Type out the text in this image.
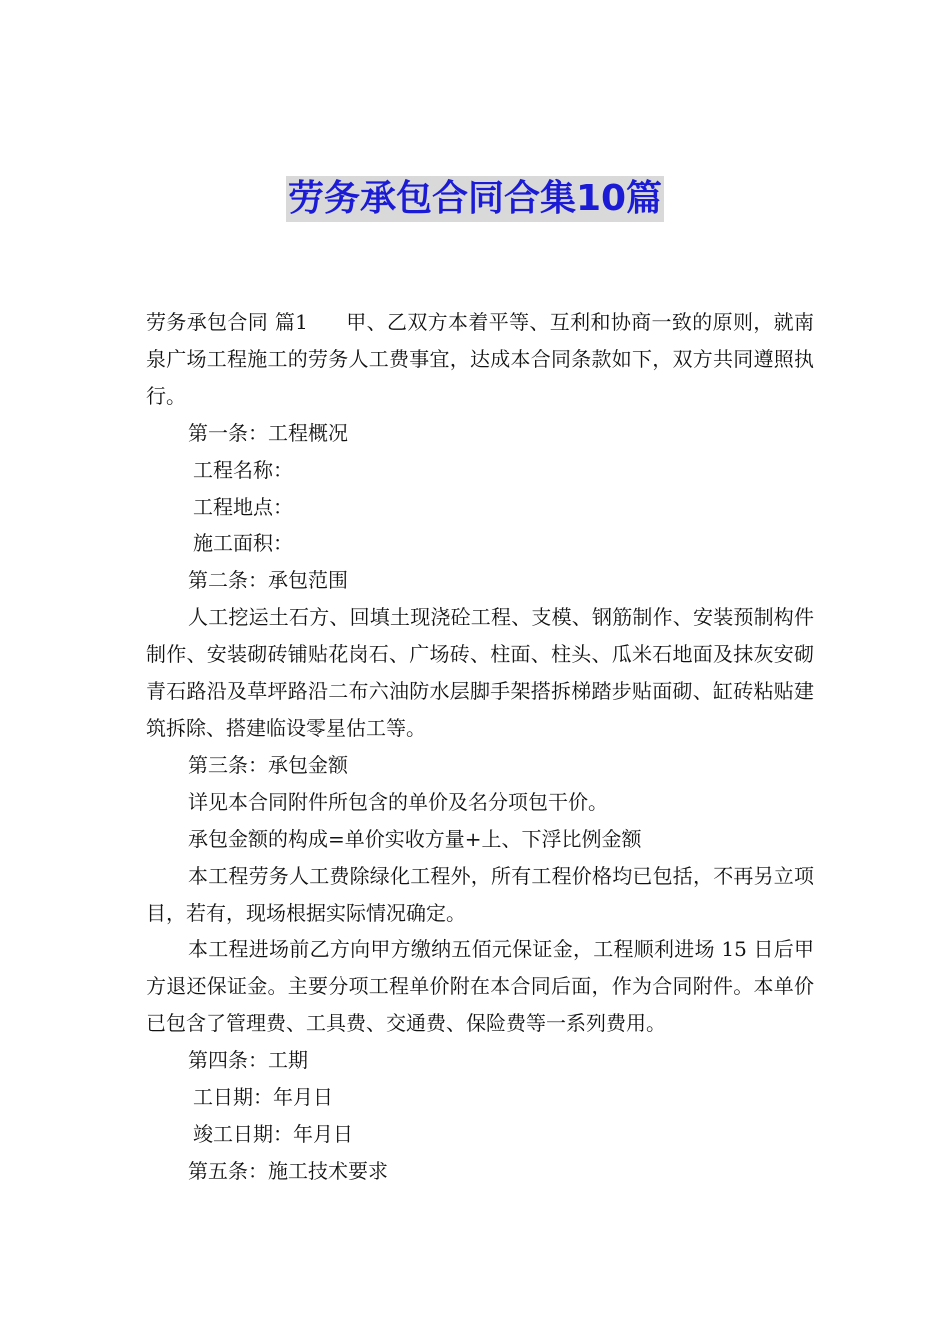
劳务承包合同合集10篇

劳务承包合同 篇1 甲、乙双方本着平等、互利和协商一致的原则，就南泉广场工程施工的劳务人工费事宜，达成本合同条款如下，双方共同遵照执行。

第一条：工程概况

工程名称：

工程地点：

施工面积：

第二条：承包范围

人工挖运土石方、回填土现浇砼工程、支模、钢筋制作、安装预制构件制作、安装砌砖铺贴花岗石、广场砖、柱面、柱头、瓜米石地面及抹灰安砌青石路沿及草坪路沿二布六油防水层脚手架搭拆梯踏步贴面砌、缸砖粘贴建筑拆除、搭建临设零星估工等。

第三条：承包金额

详见本合同附件所包含的单价及名分项包干价。

承包金额的构成=单价实收方量+上、下浮比例金额

本工程劳务人工费除绿化工程外，所有工程价格均已包括，不再另立项目，若有，现场根据实际情况确定。

本工程进场前乙方向甲方缴纳五佰元保证金，工程顺利进场 15 日后甲方退还保证金。主要分项工程单价附在本合同后面，作为合同附件。本单价已包含了管理费、工具费、交通费、保险费等一系列费用。

第四条：工期

工日期：年月日

竣工日期：年月日

第五条：施工技术要求
